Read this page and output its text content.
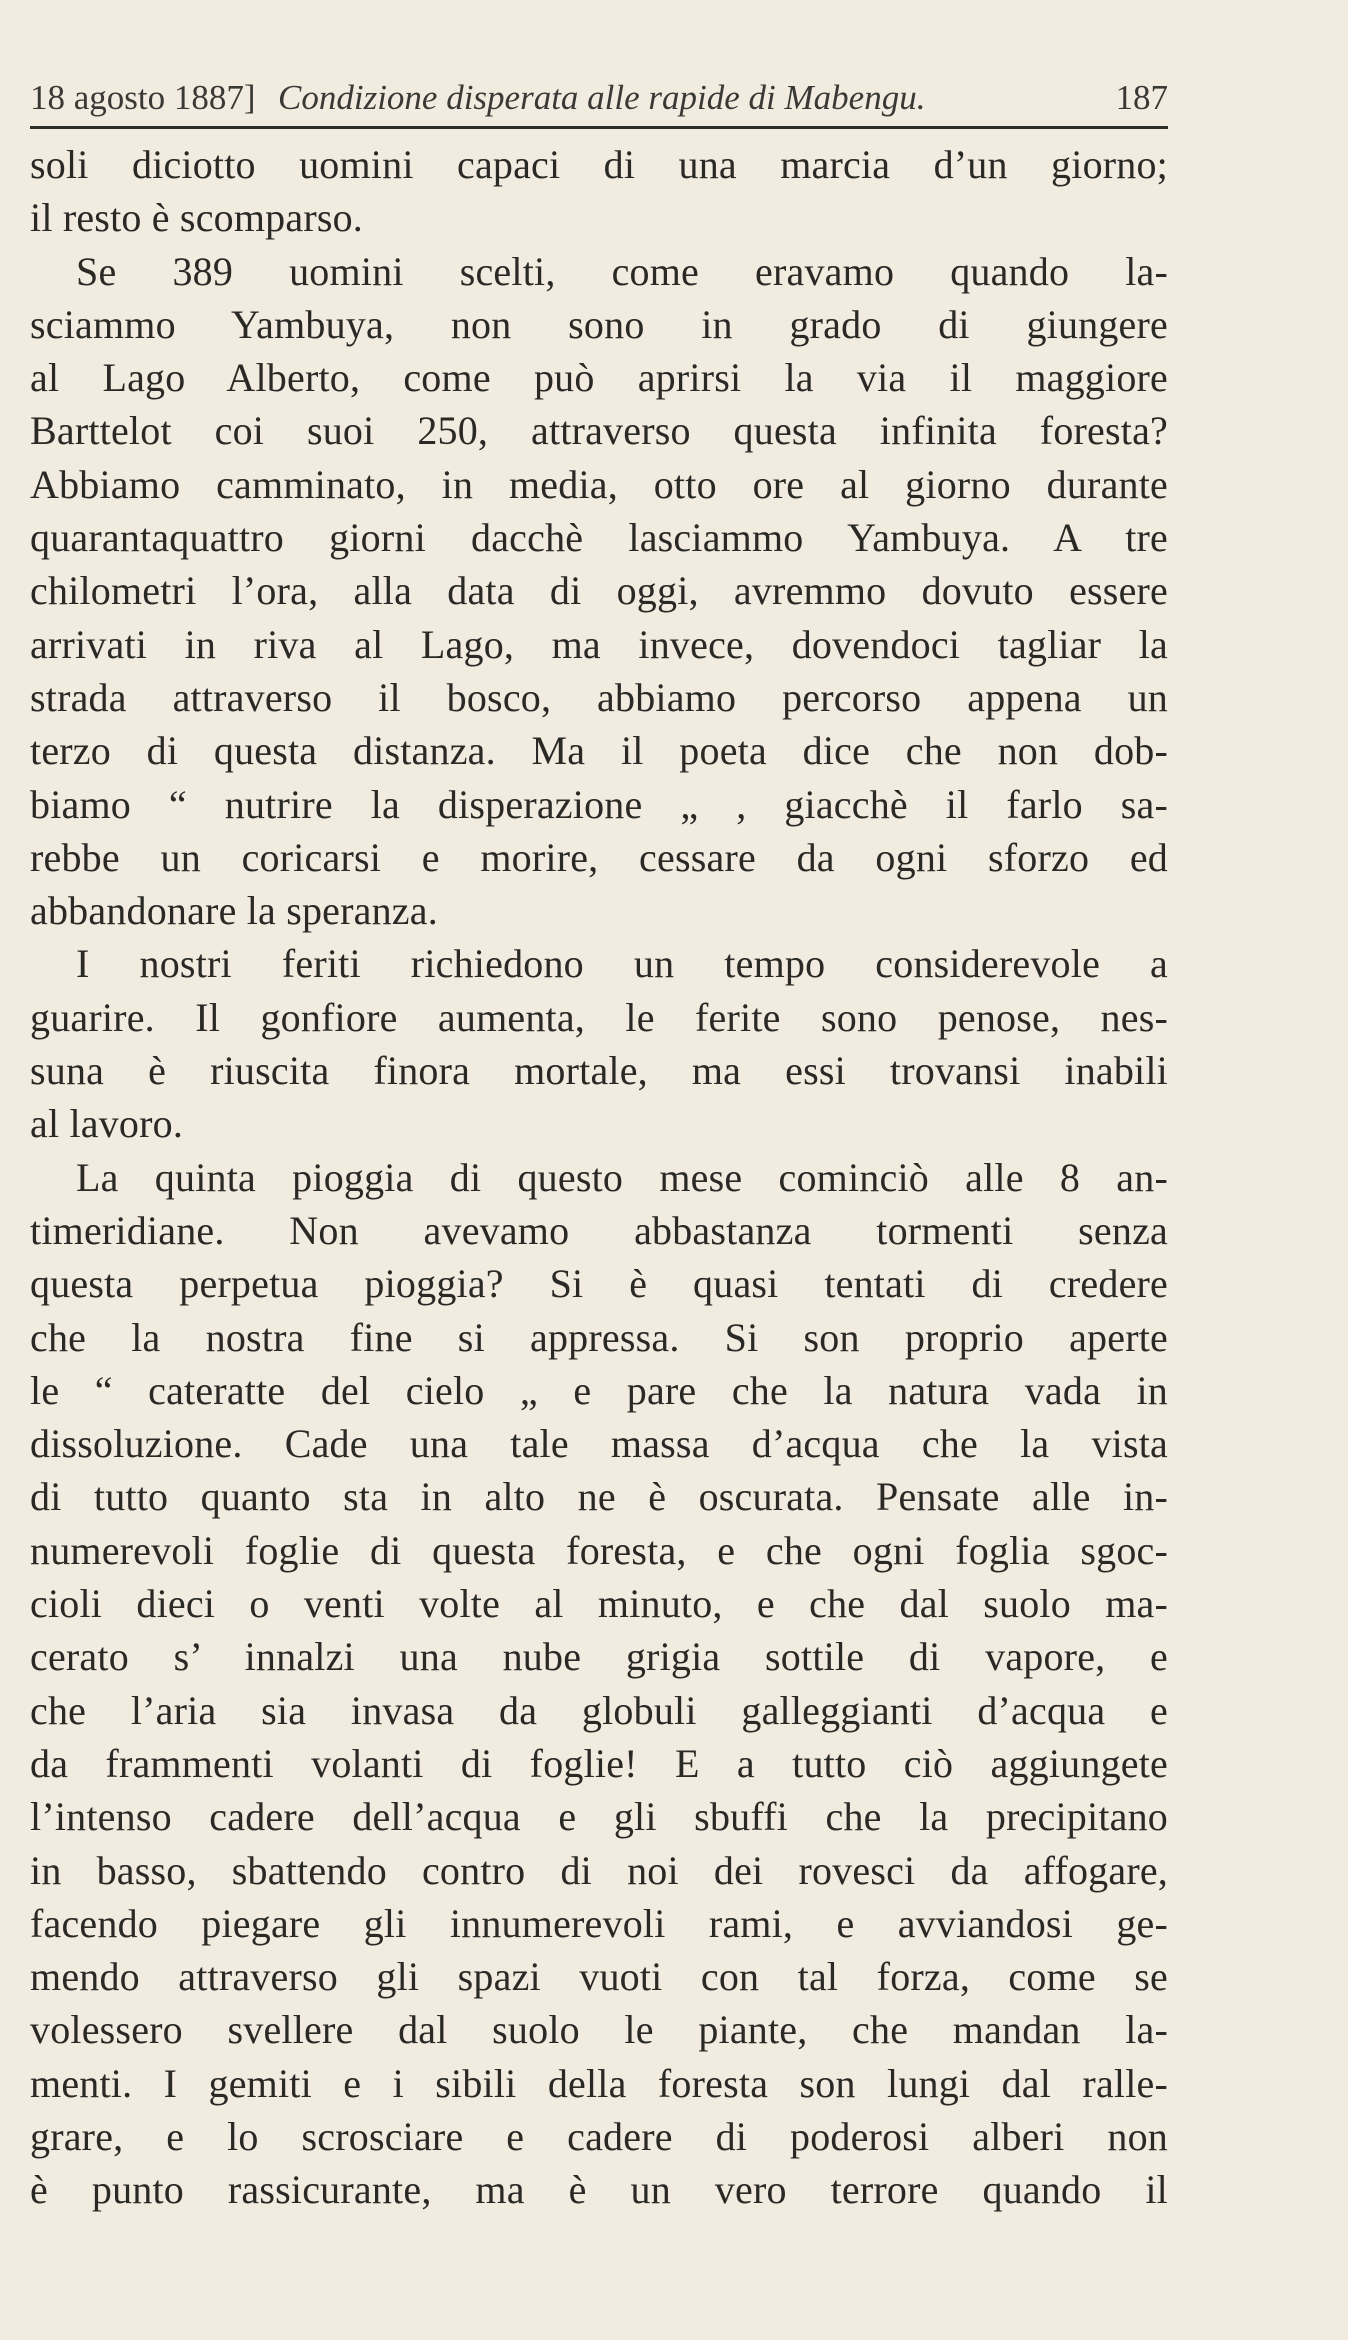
18 agosto 1887] Condizione disperata alle rapide di Mabengu.	187
soli diciotto uomini capaci di una marcia d’un giorno;
il resto è scomparso.
Se 389 uomini scelti, come eravamo quando la-
sciammo Yambuya, non sono in grado di giungere
al Lago Alberto, come può aprirsi la via il maggiore
Barttelot coi suoi 250, attraverso questa infinita foresta?
Abbiamo camminato, in media, otto ore al giorno durante
quarantaquattro giorni dacchè lasciammo Yambuya. A tre
chilometri l’ora, alla data di oggi, avremmo dovuto essere
arrivati in riva al Lago, ma invece, dovendoci tagliar la
strada attraverso il bosco, abbiamo percorso appena un
terzo di questa distanza. Ma il poeta dice che non dob-
biamo “ nutrire la disperazione „ , giacchè il farlo sa-
rebbe un coricarsi e morire, cessare da ogni sforzo ed
abbandonare la speranza.
I nostri feriti richiedono un tempo considerevole a
guarire. Il gonfiore aumenta, le ferite sono penose, nes-
suna è riuscita finora mortale, ma essi trovansi inabili
al lavoro.
La quinta pioggia di questo mese cominciò alle 8 an-
timeridiane. Non avevamo abbastanza tormenti senza
questa perpetua pioggia? Si è quasi tentati di credere
che la nostra fine si appressa. Si son proprio aperte
le “ cateratte del cielo „ e pare che la natura vada in
dissoluzione. Cade una tale massa d’acqua che la vista
di tutto quanto sta in alto ne è oscurata. Pensate alle in-
numerevoli foglie di questa foresta, e che ogni foglia sgoc-
cioli dieci o venti volte al minuto, e che dal suolo ma-
cerato s’ innalzi una nube grigia sottile di vapore, e
che l’aria sia invasa da globuli galleggianti d’acqua e
da frammenti volanti di foglie! E a tutto ciò aggiungete
l’intenso cadere dell’acqua e gli sbuffi che la precipitano
in basso, sbattendo contro di noi dei rovesci da affogare,
facendo piegare gli innumerevoli rami, e avviandosi ge-
mendo attraverso gli spazi vuoti con tal forza, come se
volessero svellere dal suolo le piante, che mandan la-
menti. I gemiti e i sibili della foresta son lungi dal ralle-
grare, e lo scrosciare e cadere di poderosi alberi non
è punto rassicurante, ma è un vero terrore quando il
